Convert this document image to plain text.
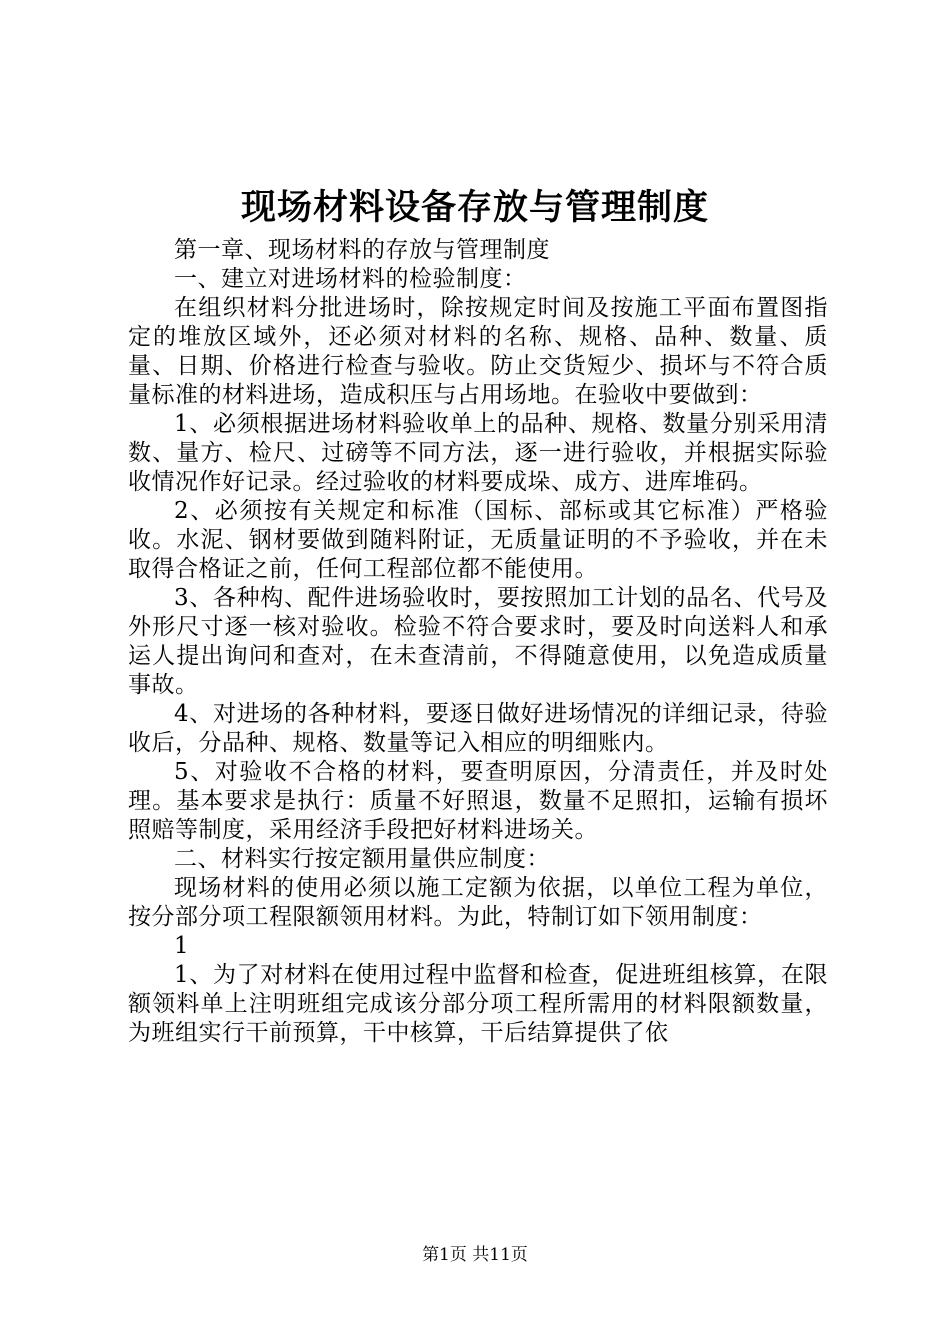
现场材料设备存放与管理制度

第一章、现场材料的存放与管理制度

一、建立对进场材料的检验制度：

在组织材料分批进场时，除按规定时间及按施工平面布置图指定的堆放区域外，还必须对材料的名称、规格、品种、数量、质量、日期、价格进行检查与验收。防止交货短少、损坏与不符合质量标准的材料进场，造成积压与占用场地。在验收中要做到：

1、必须根据进场材料验收单上的品种、规格、数量分别采用清数、量方、检尺、过磅等不同方法，逐一进行验收，并根据实际验收情况作好记录。经过验收的材料要成垛、成方、进库堆码。

2、必须按有关规定和标准（国标、部标或其它标准）严格验收。水泥、钢材要做到随料附证，无质量证明的不予验收，并在未取得合格证之前，任何工程部位都不能使用。

3、各种构、配件进场验收时，要按照加工计划的品名、代号及外形尺寸逐一核对验收。检验不符合要求时，要及时向送料人和承运人提出询问和查对，在未查清前，不得随意使用，以免造成质量事故。

4、对进场的各种材料，要逐日做好进场情况的详细记录，待验收后，分品种、规格、数量等记入相应的明细账内。

5、对验收不合格的材料，要查明原因，分清责任，并及时处理。基本要求是执行：质量不好照退，数量不足照扣，运输有损坏照赔等制度，采用经济手段把好材料进场关。

二、材料实行按定额用量供应制度：

现场材料的使用必须以施工定额为依据，以单位工程为单位，按分部分项工程限额领用材料。为此，特制订如下领用制度：

1

1、为了对材料在使用过程中监督和检查，促进班组核算，在限额领料单上注明班组完成该分部分项工程所需用的材料限额数量，为班组实行干前预算，干中核算，干后结算提供了依

第1页 共11页
